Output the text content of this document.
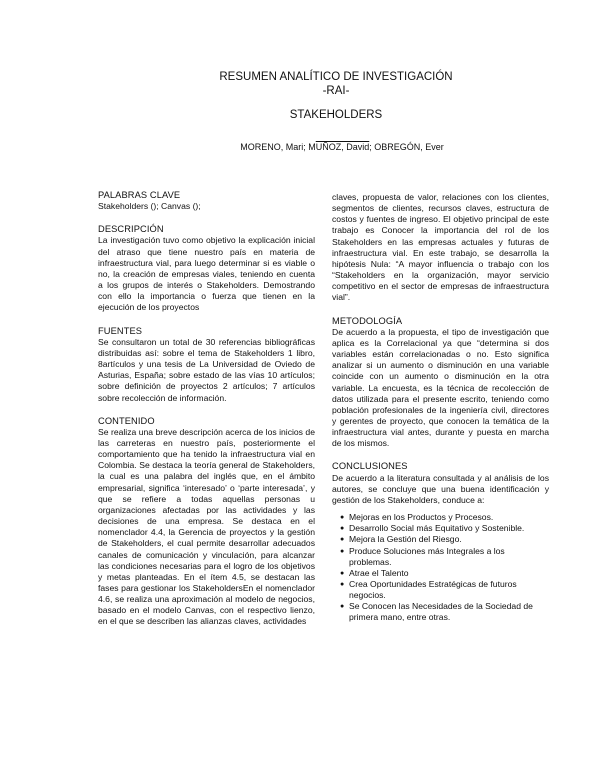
RESUMEN ANALÍTICO DE INVESTIGACIÓN
-RAI-
STAKEHOLDERS
MORENO, Mari; MUÑOZ, David; OBREGÓN, Ever
PALABRAS CLAVE

Stakeholders (); Canvas ();

DESCRIPCIÓN

La investigación tuvo como objetivo la explicación inicial del atraso que tiene nuestro país en materia de infraestructura vial, para luego determinar si es viable o no, la creación de empresas viales, teniendo en cuenta a los grupos de interés o Stakeholders. Demostrando con ello la importancia o fuerza que tienen en la ejecución de los proyectos

FUENTES

Se consultaron un total de 30 referencias bibliográficas distribuidas así: sobre el tema de Stakeholders 1 libro, 8artículos y una tesis de La Universidad de Oviedo de Asturias, España; sobre estado de las vías 10 artículos; sobre definición de proyectos 2 artículos; 7 artículos sobre recolección de información.

CONTENIDO

Se realiza una breve descripción acerca de los inicios de las carreteras en nuestro país, posteriormente el comportamiento que ha tenido la infraestructura vial en Colombia. Se destaca la teoría general de Stakeholders, la cual es una palabra del inglés que, en el ámbito empresarial, significa ‘interesado’ o ‘parte interesada’, y que se refiere a todas aquellas personas u organizaciones afectadas por las actividades y las decisiones de una empresa. Se destaca en el nomenclador 4.4, la Gerencia de proyectos y la gestión de Stakeholders, el cual permite desarrollar adecuados canales de comunicación y vinculación, para alcanzar las condiciones necesarias para el logro de los objetivos y metas planteadas. En el ítem 4.5, se destacan las fases para gestionar los StakeholdersEn el nomenclador 4.6, se realiza una aproximación al modelo de negocios, basado en el modelo Canvas, con el respectivo lienzo, en el que se describen las alianzas claves, actividades

claves, propuesta de valor, relaciones con los clientes, segmentos de clientes, recursos claves, estructura de costos y fuentes de ingreso. El objetivo principal de este trabajo es Conocer la importancia del rol de los Stakeholders en las empresas actuales y futuras de infraestructura vial. En este trabajo, se desarrolla la hipótesis Nula: “A mayor influencia o trabajo con los “Stakeholders en la organización, mayor servicio competitivo en el sector de empresas de infraestructura vial”.

METODOLOGÍA

De acuerdo a la propuesta, el tipo de investigación que aplica es la Correlacional ya que “determina si dos variables están correlacionadas o no. Esto significa analizar si un aumento o disminución en una variable coincide con un aumento o disminución en la otra variable. La encuesta, es la técnica de recolección de datos utilizada para el presente escrito, teniendo como población profesionales de la ingeniería civil, directores y gerentes de proyecto, que conocen la temática de la infraestructura vial antes, durante y puesta en marcha de los mismos.

CONCLUSIONES

De acuerdo a la literatura consultada y al análisis de los autores, se concluye que una buena identificación y gestión de los Stakeholders, conduce a:

● Mejoras en los Productos y Procesos.
● Desarrollo Social más Equitativo y Sostenible.
● Mejora la Gestión del Riesgo.
● Produce Soluciones más Integrales a los problemas.
● Atrae el Talento
● Crea Oportunidades Estratégicas de futuros negocios.
● Se Conocen las Necesidades de la Sociedad de primera mano, entre otras.
